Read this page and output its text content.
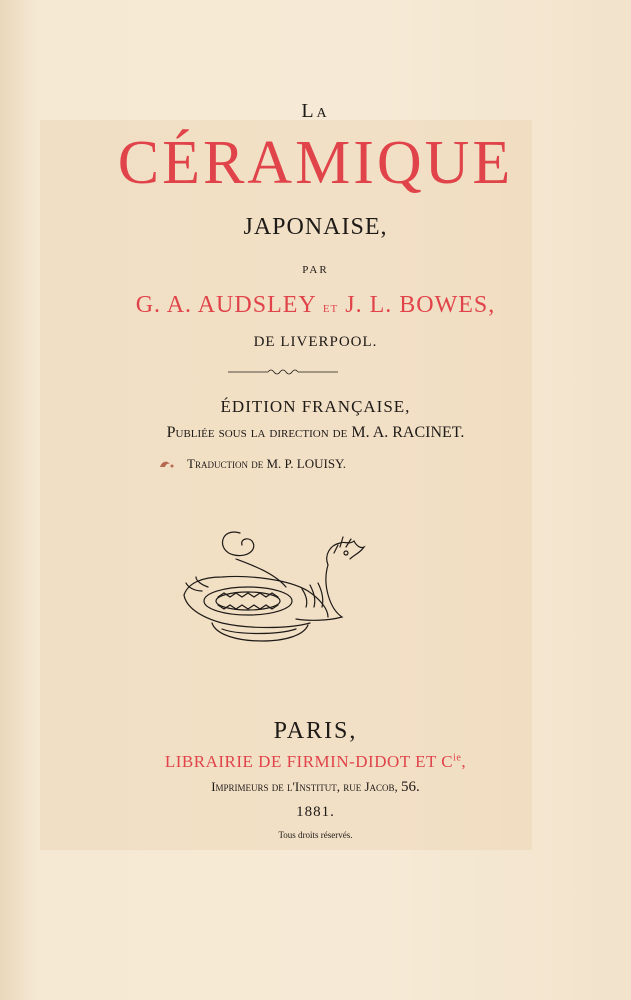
La
CÉRAMIQUE
JAPONAISE,
PAR
G. A. AUDSLEY et J. L. BOWES,
DE LIVERPOOL.
ÉDITION FRANÇAISE,
Publiée sous la direction de M. A. RACINET.
Traduction de M. P. LOUISY.
PARIS,
LIBRAIRIE DE FIRMIN-DIDOT ET $C^{ie}$,
Imprimeurs de l'Institut, rue Jacob, 56.
1881.
Tous droits réservés.
